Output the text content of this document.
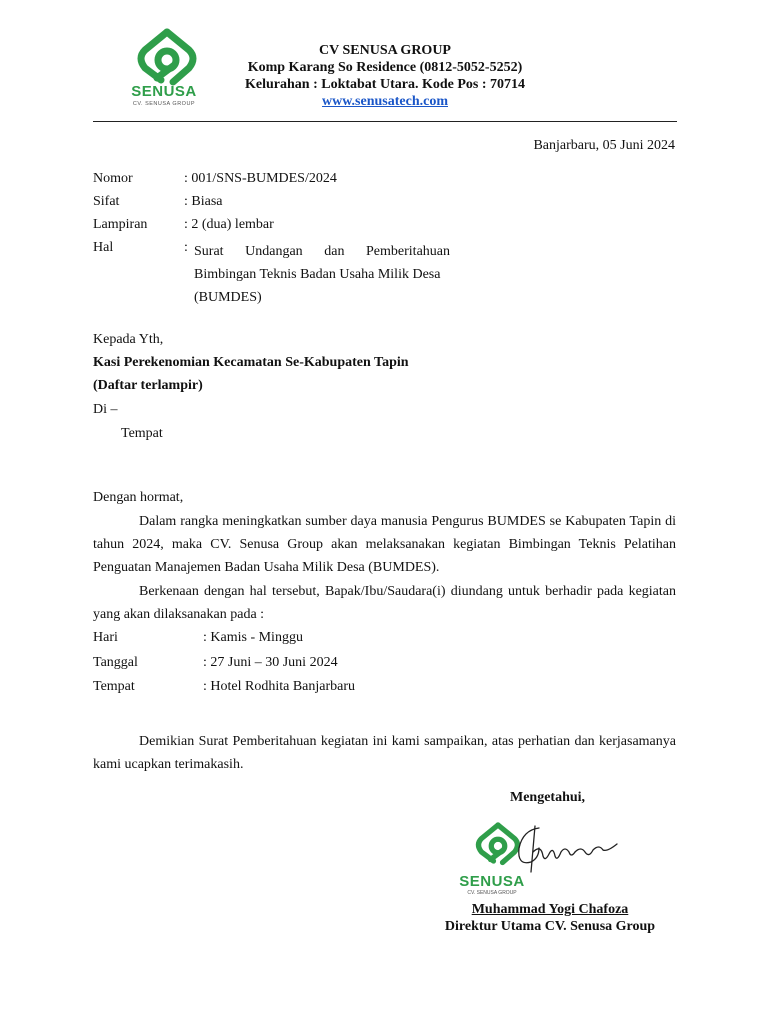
SENUSA
CV. SENUSA GROUP
CV SENUSA GROUP
Komp Karang So Residence (0812-5052-5252)
Kelurahan : Loktabat Utara. Kode Pos : 70714
www.senusatech.com
Banjarbaru, 05 Juni 2024
Nomor	: 001/SNS-BUMDES/2024
Sifat	: Biasa
Lampiran	: 2 (dua) lembar
Hal	: Surat Undangan dan Pemberitahuan
Bimbingan Teknis Badan Usaha Milik Desa
(BUMDES)
Kepada Yth,
Kasi Perekenomian Kecamatan Se-Kabupaten Tapin
(Daftar terlampir)
Di –
Tempat
Dengan hormat,
Dalam rangka meningkatkan sumber daya manusia Pengurus BUMDES se Kabupaten Tapin di tahun 2024, maka CV. Senusa Group akan melaksanakan kegiatan Bimbingan Teknis Pelatihan Penguatan Manajemen Badan Usaha Milik Desa (BUMDES).
Berkenaan dengan hal tersebut, Bapak/Ibu/Saudara(i) diundang untuk berhadir pada kegiatan yang akan dilaksanakan pada :
Hari	: Kamis - Minggu
Tanggal	: 27 Juni – 30 Juni 2024
Tempat	: Hotel Rodhita Banjarbaru
Demikian Surat Pemberitahuan kegiatan ini kami sampaikan, atas perhatian dan kerjasamanya kami ucapkan terimakasih.
Mengetahui,
SENUSA
CV. SENUSA GROUP
Muhammad Yogi Chafoza
Direktur Utama CV. Senusa Group
